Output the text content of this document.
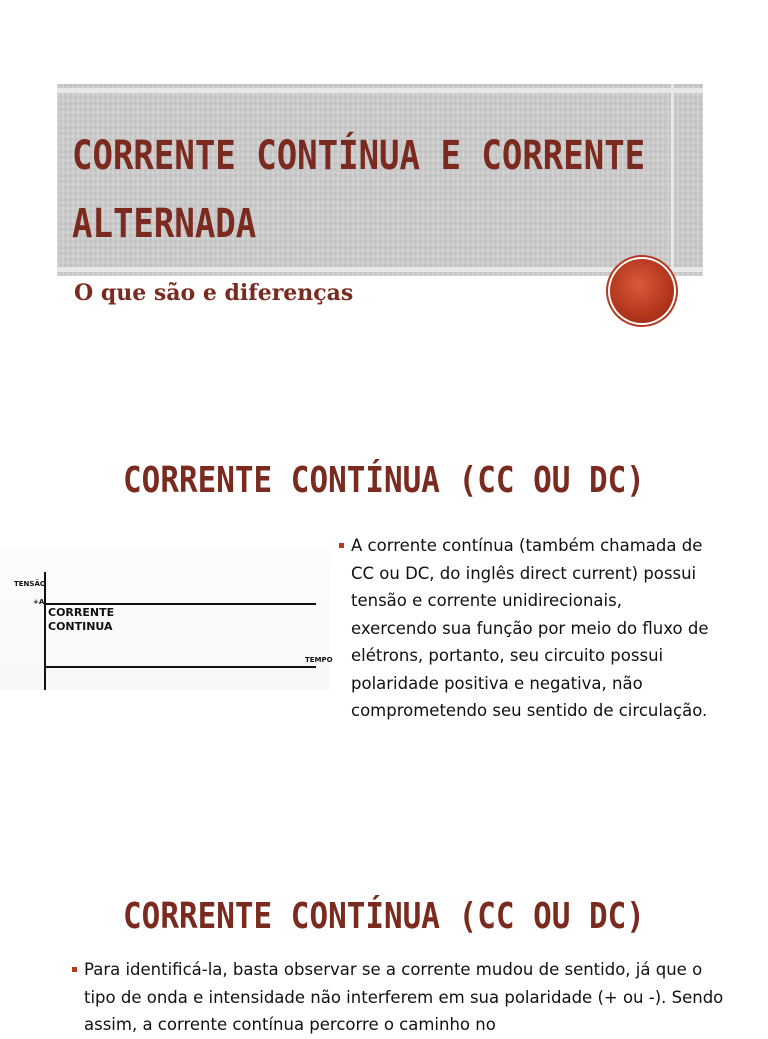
CORRENTE CONTÍNUA E CORRENTE ALTERNADA
O que são e diferenças
CORRENTE CONTÍNUA (CC OU DC)
TENSÃO
+A
TEMPO
CORRENTE CONTINUA
A corrente contínua (também chamada de CC ou DC, do inglês direct current) possui tensão e corrente unidirecionais, exercendo sua função por meio do fluxo de elétrons, portanto, seu circuito possui polaridade positiva e negativa, não comprometendo seu sentido de circulação.
CORRENTE CONTÍNUA (CC OU DC)
Para identificá-la, basta observar se a corrente mudou de sentido, já que o tipo de onda e intensidade não interferem em sua polaridade (+ ou -). Sendo assim, a corrente contínua percorre o caminho no
